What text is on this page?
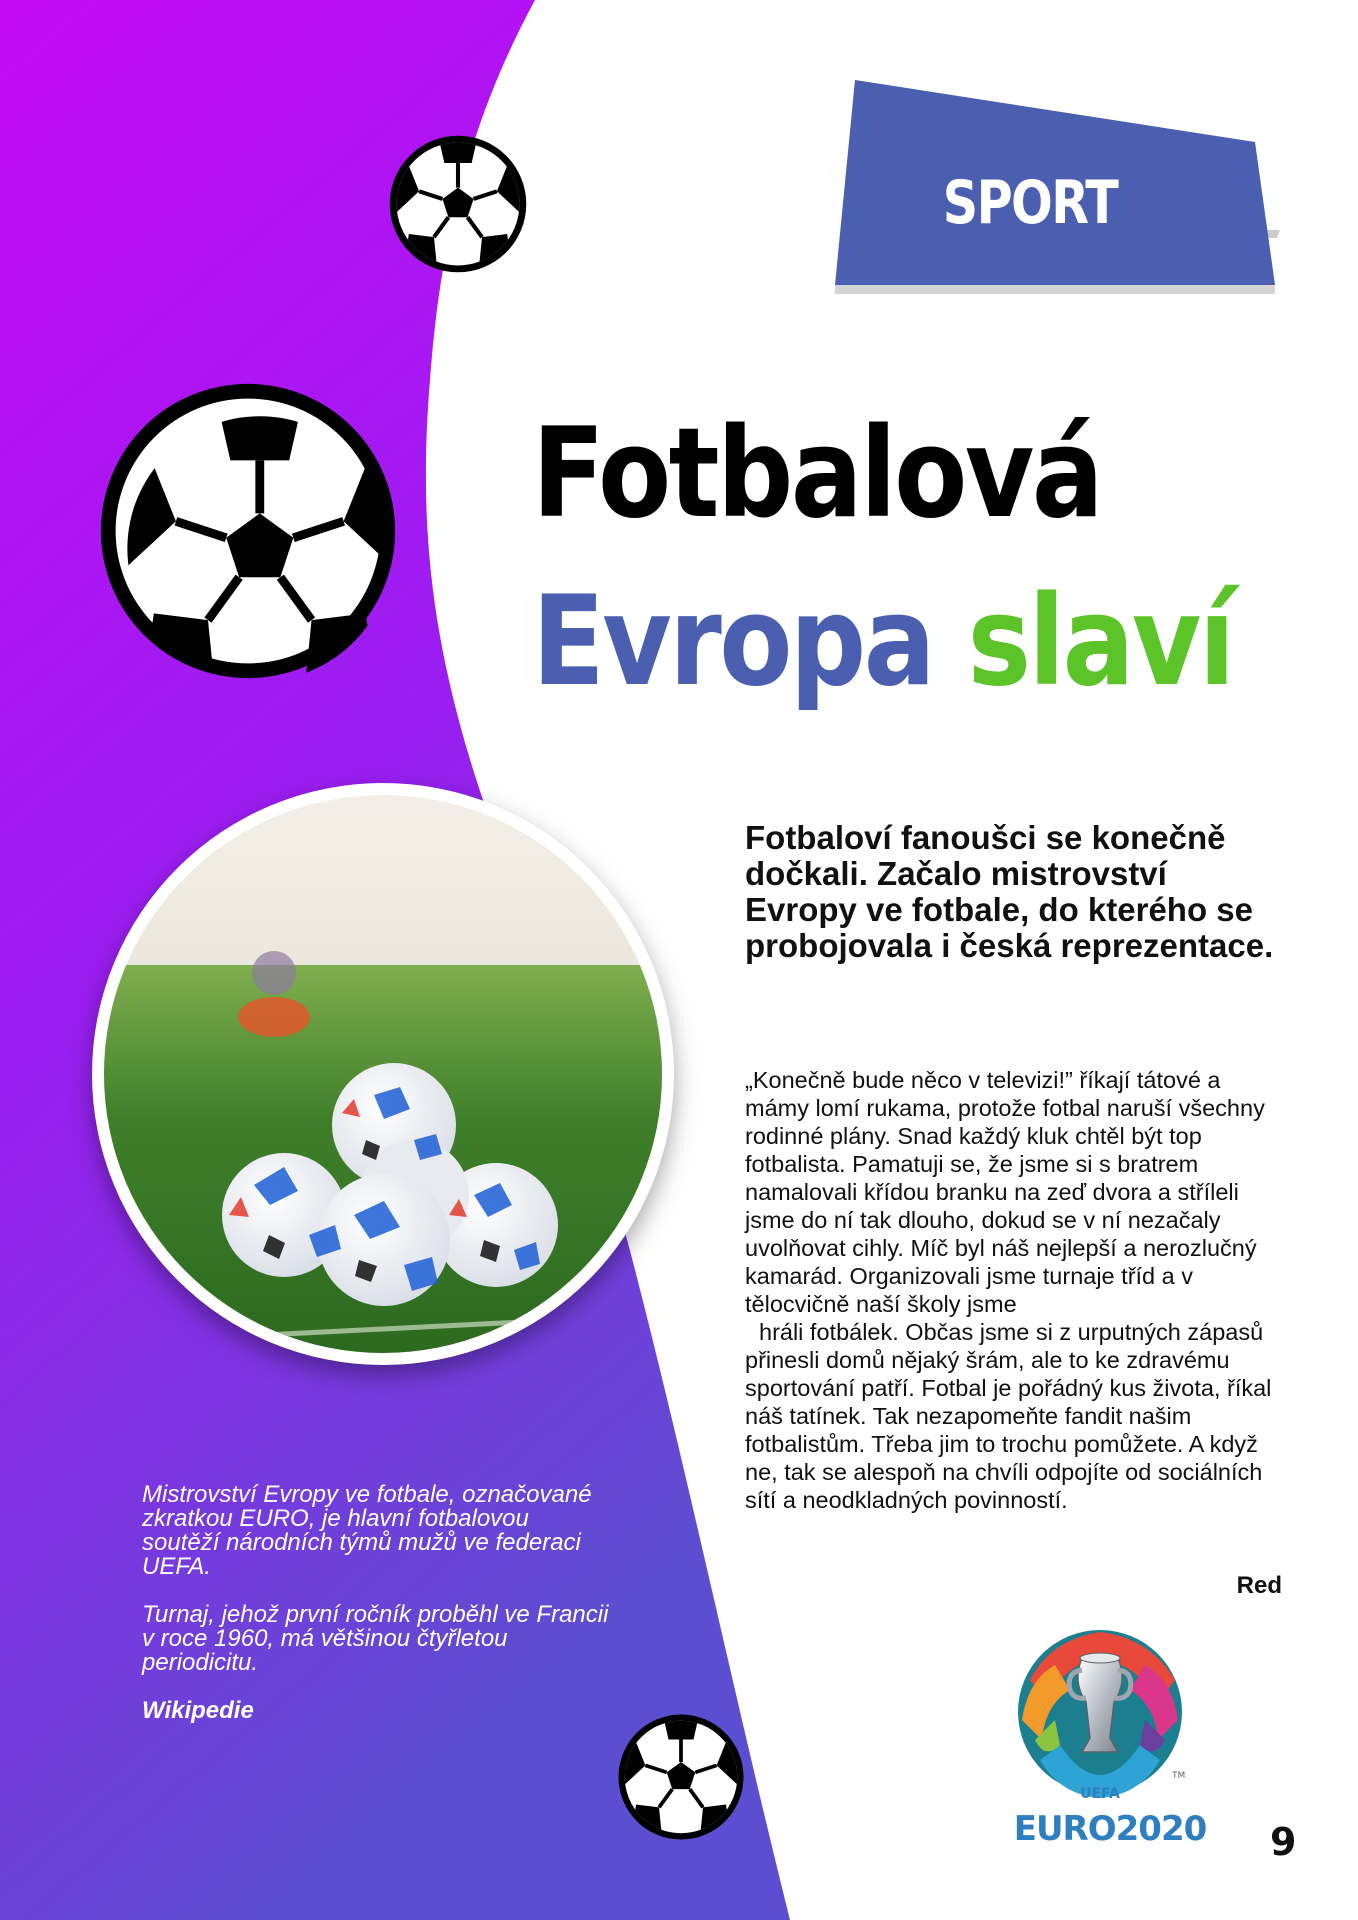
SPORT
Fotbalová
Evropa slaví
Fotbaloví fanoušci se konečně dočkali. Začalo mistrovství Evropy ve fotbale, do kterého se probojovala i česká reprezentace.

„Konečně bude něco v televizi!” říkají tátové a mámy lomí rukama, protože fotbal naruší všechny rodinné plány. Snad každý kluk chtěl být top fotbalista. Pamatuji se, že jsme si s bratrem namalovali křídou branku na zeď dvora a stříleli jsme do ní tak dlouho, dokud se v ní nezačaly uvolňovat cihly. Míč byl náš nejlepší a nerozlučný kamarád. Organizovali jsme turnaje tříd a v tělocvičně naší školy jsme

hráli fotbálek. Občas jsme si z urputných zápasů přinesli domů nějaký šrám, ale to ke zdravému sportování patří. Fotbal je pořádný kus života, říkal náš tatínek. Tak nezapomeňte fandit našim fotbalistům. Třeba jim to trochu pomůžete. A když ne, tak se alespoň na chvíli odpojíte od sociálních sítí a neodkladných povinností.

Red

Mistrovství Evropy ve fotbale, označované zkratkou EURO, je hlavní fotbalovou soutěží národních týmů mužů ve federaci UEFA.

Turnaj, jehož první ročník proběhl ve Francii v roce 1960, má většinou čtyřletou periodicitu.

Wikipedie

UEFA
TM
EURO2020 9
